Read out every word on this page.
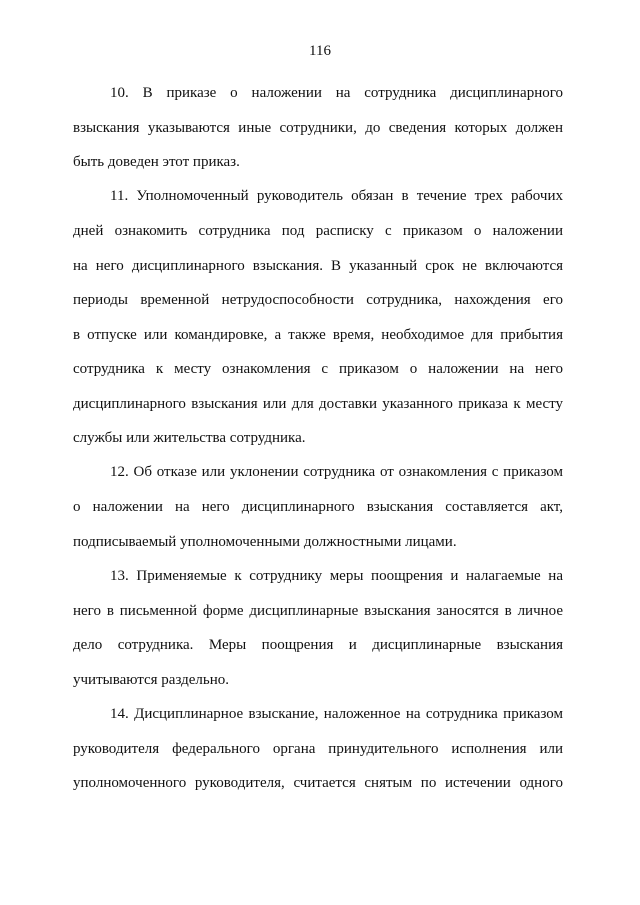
116
10. В приказе о наложении на сотрудника дисциплинарного
взыскания указываются иные сотрудники, до сведения которых должен
быть доведен этот приказ.
11. Уполномоченный руководитель обязан в течение трех рабочих
дней ознакомить сотрудника под расписку с приказом о наложении
на него дисциплинарного взыскания. В указанный срок не включаются
периоды временной нетрудоспособности сотрудника, нахождения его
в отпуске или командировке, а также время, необходимое для прибытия
сотрудника к месту ознакомления с приказом о наложении на него
дисциплинарного взыскания или для доставки указанного приказа к месту
службы или жительства сотрудника.
12. Об отказе или уклонении сотрудника от ознакомления с приказом
о наложении на него дисциплинарного взыскания составляется акт,
подписываемый уполномоченными должностными лицами.
13. Применяемые к сотруднику меры поощрения и налагаемые на
него в письменной форме дисциплинарные взыскания заносятся в личное
дело сотрудника. Меры поощрения и дисциплинарные взыскания
учитываются раздельно.
14. Дисциплинарное взыскание, наложенное на сотрудника приказом
руководителя федерального органа принудительного исполнения или
уполномоченного руководителя, считается снятым по истечении одного
